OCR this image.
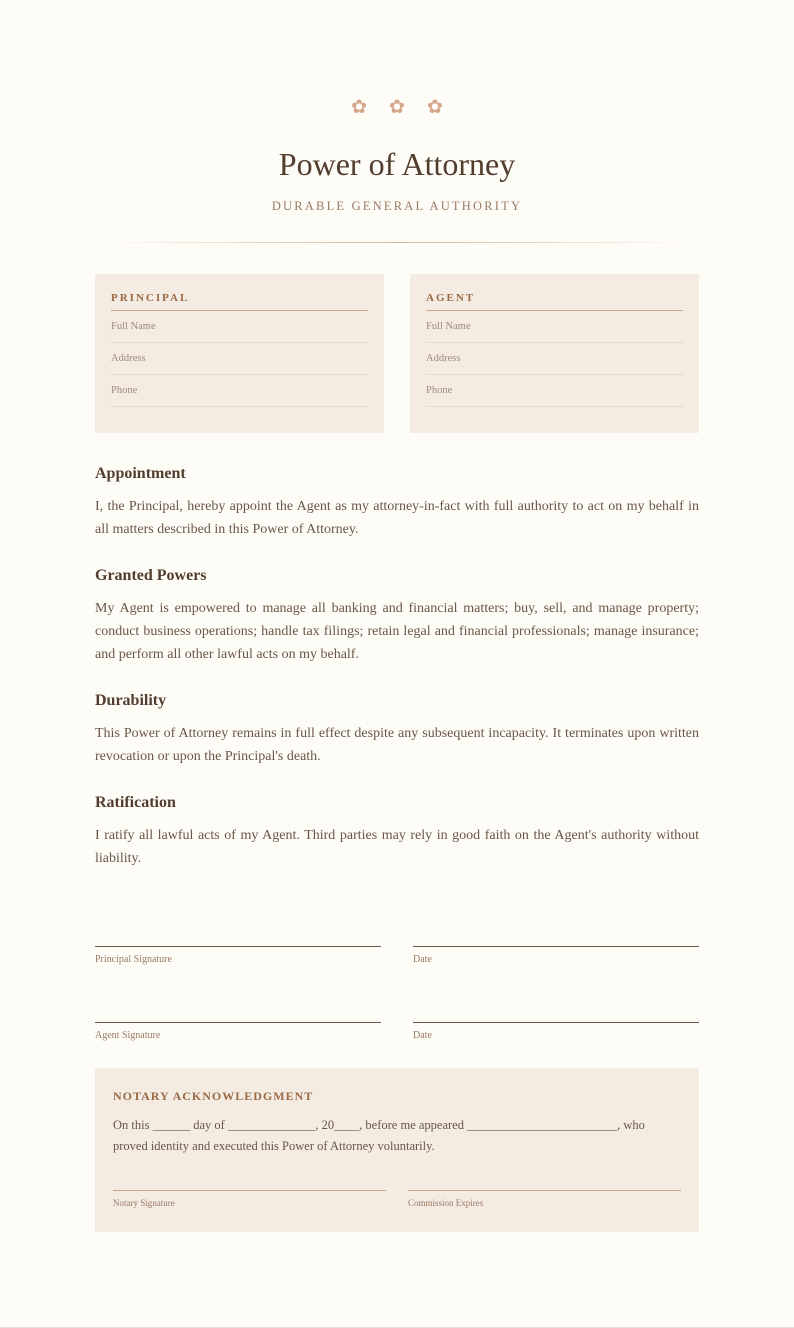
✿ ✿ ✿
Power of Attorney
DURABLE GENERAL AUTHORITY
PRINCIPAL
Full Name
Address
Phone
AGENT
Full Name
Address
Phone
Appointment

I, the Principal, hereby appoint the Agent as my attorney-in-fact with full authority to act on my behalf in all matters described in this Power of Attorney.

Granted Powers

My Agent is empowered to manage all banking and financial matters; buy, sell, and manage property; conduct business operations; handle tax filings; retain legal and financial professionals; manage insurance; and perform all other lawful acts on my behalf.

Durability

This Power of Attorney remains in full effect despite any subsequent incapacity. It terminates upon written revocation or upon the Principal's death.

Ratification

I ratify all lawful acts of my Agent. Third parties may rely in good faith on the Agent's authority without liability.

Principal Signature	Date
Agent Signature	Date
NOTARY ACKNOWLEDGMENT
On this ______ day of ______________, 20____, before me appeared ________________________, who proved identity and executed this Power of Attorney voluntarily.
Notary Signature	Commission Expires
